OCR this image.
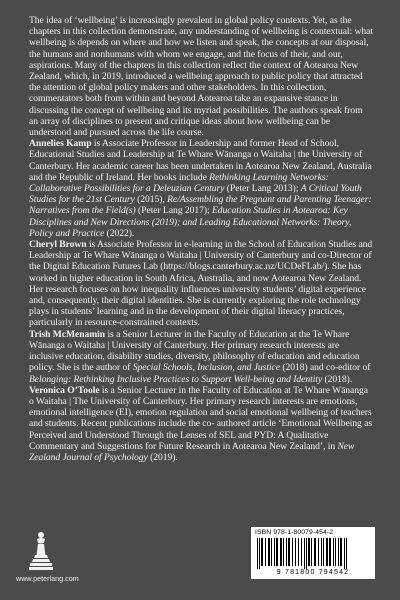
The idea of ‘wellbeing’ is increasingly prevalent in global policy contexts. Yet, as the chapters in this collection demonstrate, any understanding of wellbeing is contextual: what wellbeing is depends on where and how we listen and speak, the concepts at our disposal, the humans and nonhumans with whom we engage, and the focus of their, and our, aspirations. Many of the chapters in this collection reflect the context of Aotearoa New Zealand, which, in 2019, introduced a wellbeing approach to public policy that attracted the attention of global policy makers and other stakeholders. In this collection, commentators both from within and beyond Aotearoa take an expansive stance in discussing the concept of wellbeing and its myriad possibilities. The authors speak from an array of disciplines to present and critique ideas about how wellbeing can be understood and pursued across the life course.

Annelies Kamp is Associate Professor in Leadership and former Head of School, Educational Studies and Leadership at Te Whare Wānanga o Waitaha | the University of Canterbury. Her academic career has been undertaken in Aotearoa New Zealand, Australia and the Republic of Ireland. Her books include Rethinking Learning Networks: Collaborative Possibilities for a Deleuzian Century (Peter Lang 2013); A Critical Youth Studies for the 21st Century (2015), Re/Assembling the Pregnant and Parenting Teenager: Narratives from the Field(s) (Peter Lang 2017); Education Studies in Aotearoa: Key Disciplines and New Directions (2019); and Leading Educational Networks: Theory, Policy and Practice (2022).

Cheryl Brown is Associate Professor in e-learning in the School of Education Studies and Leadership at Te Whare Wānanga o Waitaha | University of Canterbury and co-Director of the Digital Education Futures Lab (https://blogs.canterbury.ac.nz/UCDeFLab/). She has worked in higher education in South Africa, Australia, and now Aotearoa New Zealand. Her research focuses on how inequality influences university students’ digital experience and, consequently, their digital identities. She is currently exploring the role technology plays in students’ learning and in the development of their digital literacy practices, particularly in resource-constrained contexts.

Trish McMenamin is a Senior Lecturer in the Faculty of Education at the Te Whare Wānanga o Waitaha | University of Canterbury. Her primary research interests are inclusive education, disability studies, diversity, philosophy of education and education policy. She is the author of Special Schools, Inclusion, and Justice (2018) and co-editor of Belonging: Rethinking Inclusive Practices to Support Well-being and Identity (2018).

Veronica O’Toole is a Senior Lecturer in the Faculty of Education at Te Whare Wānanga o Waitaha | The University of Canterbury. Her primary research interests are emotions, emotional intelligence (EI), emotion regulation and social emotional wellbeing of teachers and students. Recent publications include the co- authored article ‘Emotional Wellbeing as Perceived and Understood Through the Lenses of SEL and PYD: A Qualitative Commentary and Suggestions for Future Research in Aotearoa New Zealand’, in New Zealand Journal of Psychology (2019).

www.peterlang.com
ISBN 978-1-80079-454-2
9 781800 794542
